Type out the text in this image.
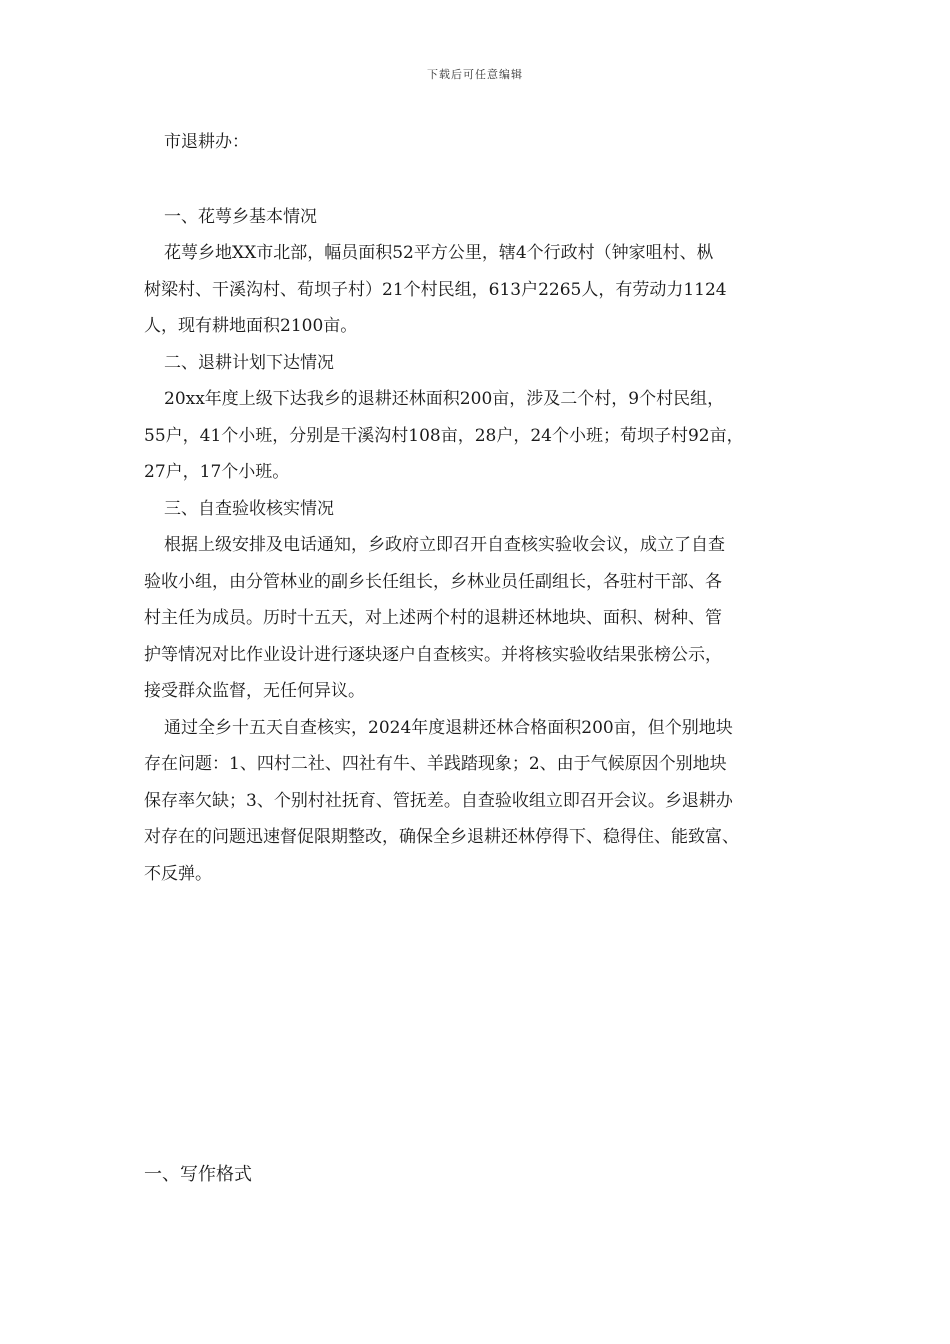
下载后可任意编辑
市退耕办：
一、花萼乡基本情况
花萼乡地XX市北部，幅员面积52平方公里，辖4个行政村（钟家咀村、枞
树梁村、干溪沟村、荀坝子村）21个村民组，613户2265人，有劳动力1124
人，现有耕地面积2100亩。
二、退耕计划下达情况
20xx年度上级下达我乡的退耕还林面积200亩，涉及二个村，9个村民组，
55户，41个小班，分别是干溪沟村108亩，28户，24个小班；荀坝子村92亩，
27户，17个小班。
三、自查验收核实情况
根据上级安排及电话通知，乡政府立即召开自查核实验收会议，成立了自查
验收小组，由分管林业的副乡长任组长，乡林业员任副组长，各驻村干部、各
村主任为成员。历时十五天，对上述两个村的退耕还林地块、面积、树种、管
护等情况对比作业设计进行逐块逐户自查核实。并将核实验收结果张榜公示，
接受群众监督，无任何异议。
通过全乡十五天自查核实，2024年度退耕还林合格面积200亩，但个别地块
存在问题：1、四村二社、四社有牛、羊践踏现象；2、由于气候原因个别地块
保存率欠缺；3、个别村社抚育、管抚差。自查验收组立即召开会议。乡退耕办
对存在的问题迅速督促限期整改，确保全乡退耕还林停得下、稳得住、能致富、
不反弹。
一、写作格式
